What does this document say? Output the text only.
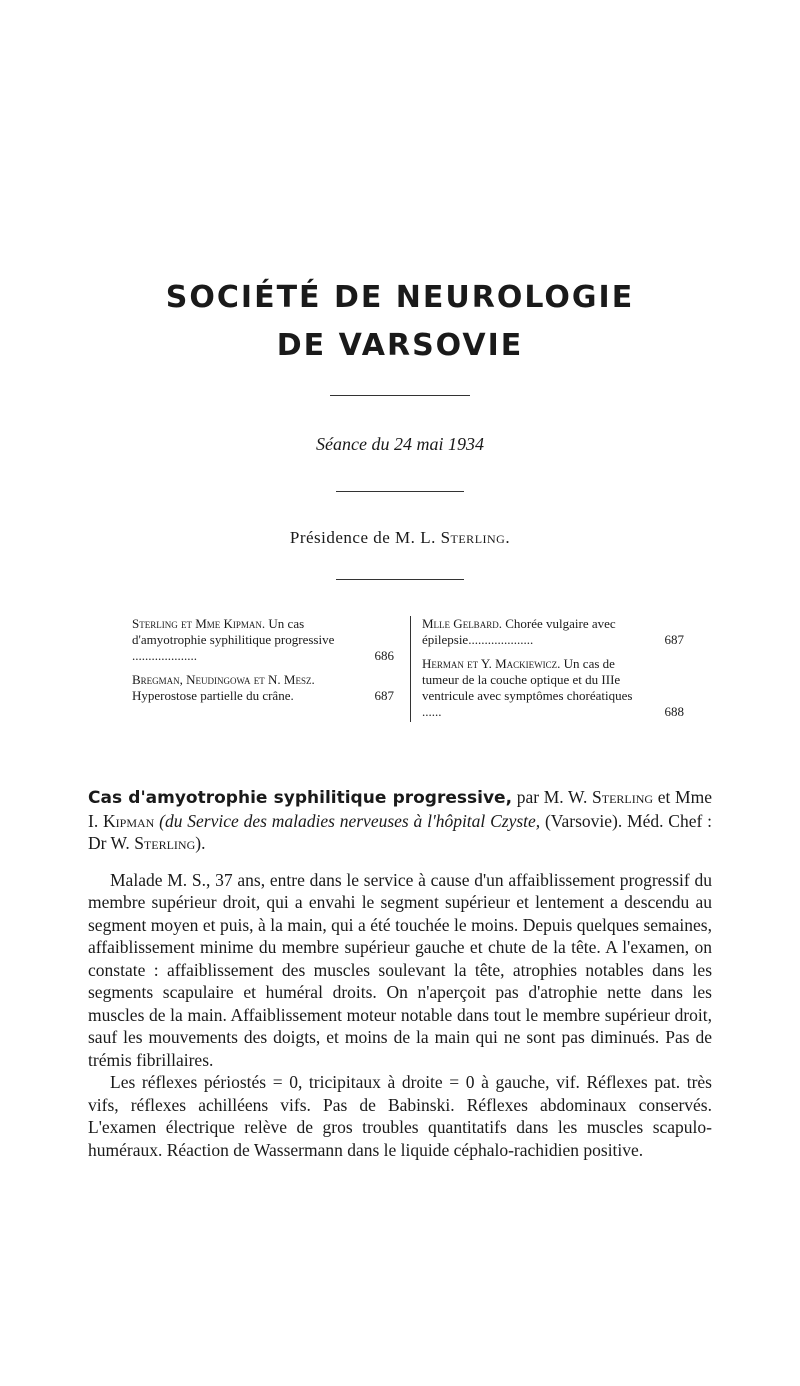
SOCIÉTÉ DE NEUROLOGIE
DE VARSOVIE
Séance du 24 mai 1934
Présidence de M. L. Sterling.
Sterling et Mme Kipman. Un cas d'amyotrophie syphilitique progressive ....................	686
Bregman, Neudingowa et N. Mesz. Hyperostose partielle du crâne.	687
Mlle Gelbard. Chorée vulgaire avec épilepsie....................	687
Herman et Y. Mackiewicz. Un cas de tumeur de la couche optique et du IIIe ventricule avec symptômes choréatiques ......	688

Cas d'amyotrophie syphilitique progressive, par M. W. Sterling et Mme I. Kipman (du Service des maladies nerveuses à l'hôpital Czyste, (Varsovie). Méd. Chef : Dr W. Sterling).

Malade M. S., 37 ans, entre dans le service à cause d'un affaiblissement progressif du membre supérieur droit, qui a envahi le segment supérieur et lentement a descendu au segment moyen et puis, à la main, qui a été touchée le moins. Depuis quelques semaines, affaiblissement minime du membre supérieur gauche et chute de la tête. A l'examen, on constate : affaiblissement des muscles soulevant la tête, atrophies notables dans les segments scapulaire et huméral droits. On n'aperçoit pas d'atrophie nette dans les muscles de la main. Affaiblissement moteur notable dans tout le membre supérieur droit, sauf les mouvements des doigts, et moins de la main qui ne sont pas diminués. Pas de trémis fibrillaires.

Les réflexes périostés = 0, tricipitaux à droite = 0 à gauche, vif. Réflexes pat. très vifs, réflexes achilléens vifs. Pas de Babinski. Réflexes abdominaux conservés. L'examen électrique relève de gros troubles quantitatifs dans les muscles scapulo-huméraux. Réaction de Wassermann dans le liquide céphalo-rachidien positive.
